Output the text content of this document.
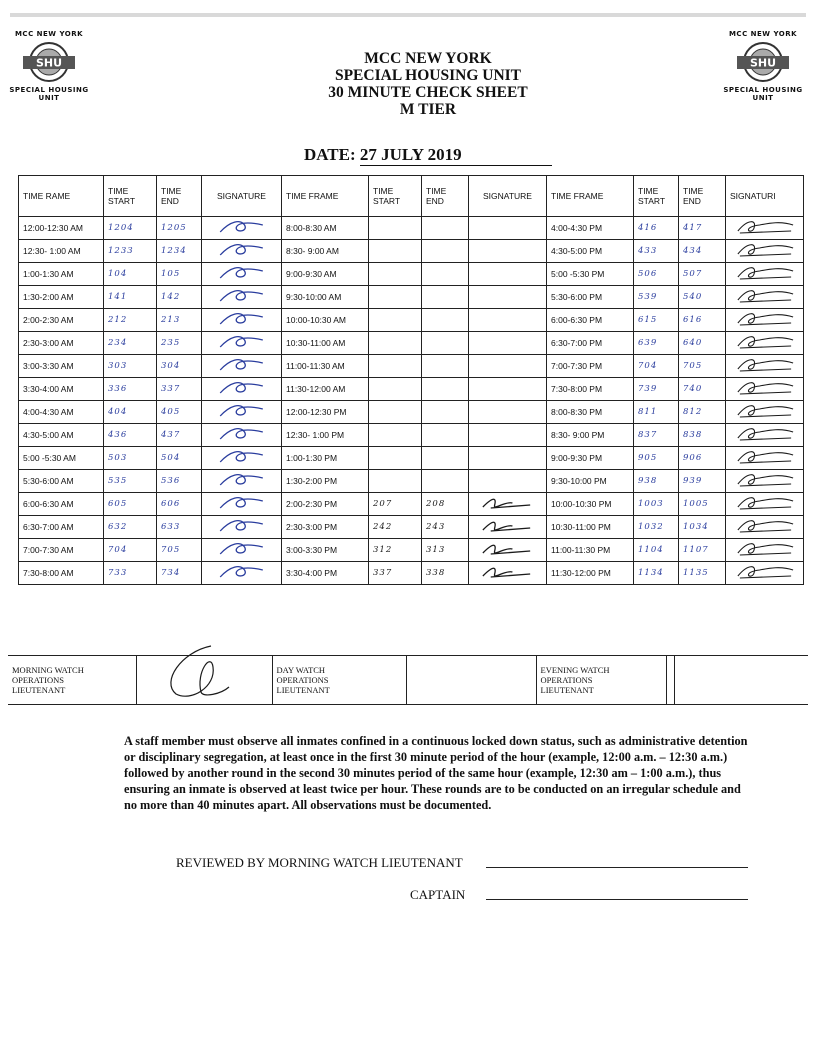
MCC NEW YORK
SHU
SPECIAL HOUSING UNIT
MCC NEW YORK
SHU
SPECIAL HOUSING UNIT
MCC NEW YORK
SPECIAL HOUSING UNIT
30 MINUTE CHECK SHEET
M TIER
DATE: 27 JULY 2019
TIME RAME	TIME START	TIME END	SIGNATURE	TIME FRAME	TIME START	TIME END	SIGNATURE	TIME FRAME	TIME START	TIME END	SIGNATURI
12:00-12:30 AM	1204	1205		8:00-8:30 AM				4:00-4:30 PM	416	417	
12:30- 1:00 AM	1233	1234		8:30- 9:00 AM				4:30-5:00 PM	433	434	
1:00-1:30 AM	104	105		9:00-9:30 AM				5:00 -5:30 PM	506	507	
1:30-2:00 AM	141	142		9:30-10:00 AM				5:30-6:00 PM	539	540	
2:00-2:30 AM	212	213		10:00-10:30 AM				6:00-6:30 PM	615	616	
2:30-3:00 AM	234	235		10:30-11:00 AM				6:30-7:00 PM	639	640	
3:00-3:30 AM	303	304		11:00-11:30 AM				7:00-7:30 PM	704	705	
3:30-4:00 AM	336	337		11:30-12:00 AM				7:30-8:00 PM	739	740	
4:00-4:30 AM	404	405		12:00-12:30 PM				8:00-8:30 PM	811	812	
4:30-5:00 AM	436	437		12:30- 1:00 PM				8:30- 9:00 PM	837	838	
5:00 -5:30 AM	503	504		1:00-1:30 PM				9:00-9:30 PM	905	906	
5:30-6:00 AM	535	536		1:30-2:00 PM				9:30-10:00 PM	938	939	
6:00-6:30 AM	605	606		2:00-2:30 PM	207	208		10:00-10:30 PM	1003	1005	
6:30-7:00 AM	632	633		2:30-3:00 PM	242	243		10:30-11:00 PM	1032	1034	
7:00-7:30 AM	704	705		3:00-3:30 PM	312	313		11:00-11:30 PM	1104	1107	
7:30-8:00 AM	733	734		3:30-4:00 PM	337	338		11:30-12:00 PM	1134	1135	
MORNING WATCH
OPERATIONS
LIEUTENANT

DAY WATCH
OPERATIONS
LIEUTENANT

EVENING WATCH
OPERATIONS
LIEUTENANT

A staff member must observe all inmates confined in a continuous locked down status, such as administrative detention or disciplinary segregation, at least once in the first 30 minute period of the hour (example, 12:00 a.m. – 12:30 a.m.) followed by another round in the second 30 minutes period of the same hour (example, 12:30 am – 1:00 a.m.), thus ensuring an inmate is observed at least twice per hour. These rounds are to be conducted on an irregular schedule and no more than 40 minutes apart. All observations must be documented.
REVIEWED BY MORNING WATCH LIEUTENANT
CAPTAIN
